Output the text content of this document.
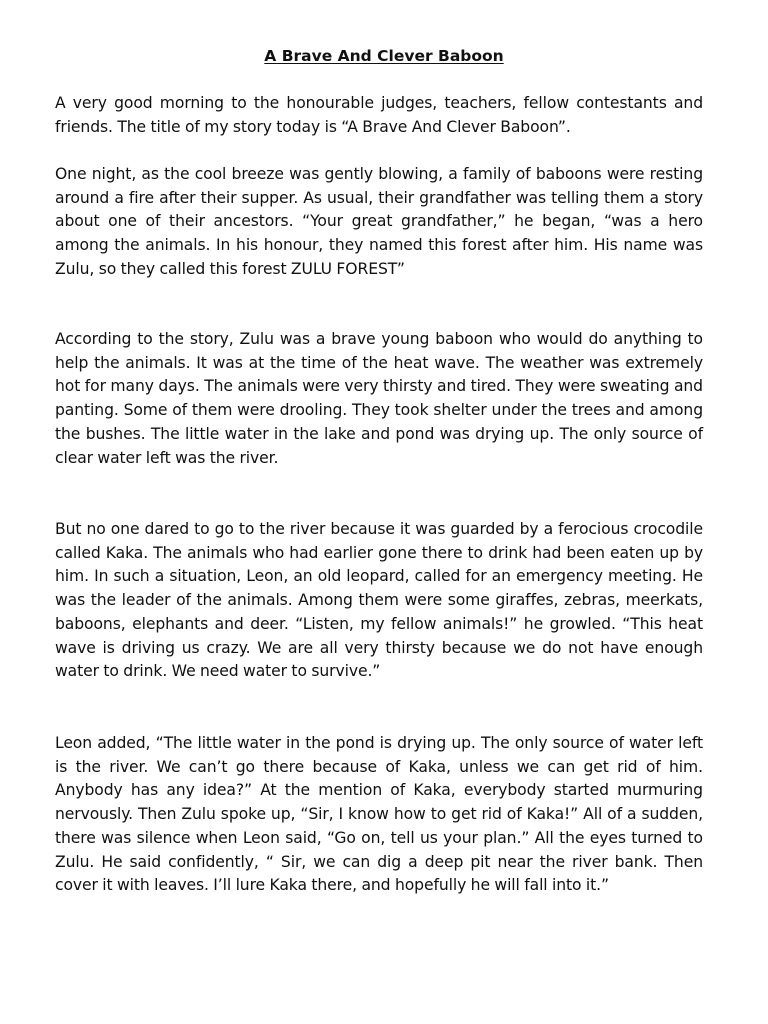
A Brave And Clever Baboon

A very good morning to the honourable judges, teachers, fellow contestants and friends. The title of my story today is “A Brave And Clever Baboon”.

One night, as the cool breeze was gently blowing, a family of baboons were resting around a fire after their supper. As usual, their grandfather was telling them a story about one of their ancestors. “Your great grandfather,” he began, “was a hero among the animals. In his honour, they named this forest after him. His name was Zulu, so they called this forest ZULU FOREST”

According to the story, Zulu was a brave young baboon who would do anything to help the animals. It was at the time of the heat wave. The weather was extremely hot for many days. The animals were very thirsty and tired. They were sweating and panting. Some of them were drooling. They took shelter under the trees and among the bushes. The little water in the lake and pond was drying up. The only source of clear water left was the river.

But no one dared to go to the river because it was guarded by a ferocious crocodile called Kaka. The animals who had earlier gone there to drink had been eaten up by him. In such a situation, Leon, an old leopard, called for an emergency meeting. He was the leader of the animals. Among them were some giraffes, zebras, meerkats, baboons, elephants and deer. “Listen, my fellow animals!” he growled. “This heat wave is driving us crazy. We are all very thirsty because we do not have enough water to drink. We need water to survive.”

Leon added, “The little water in the pond is drying up. The only source of water left is the river. We can’t go there because of Kaka, unless we can get rid of him. Anybody has any idea?” At the mention of Kaka, everybody started murmuring nervously. Then Zulu spoke up, “Sir, I know how to get rid of Kaka!” All of a sudden, there was silence when Leon said, “Go on, tell us your plan.” All the eyes turned to Zulu. He said confidently, “ Sir, we can dig a deep pit near the river bank. Then cover it with leaves. I’ll lure Kaka there, and hopefully he will fall into it.”
